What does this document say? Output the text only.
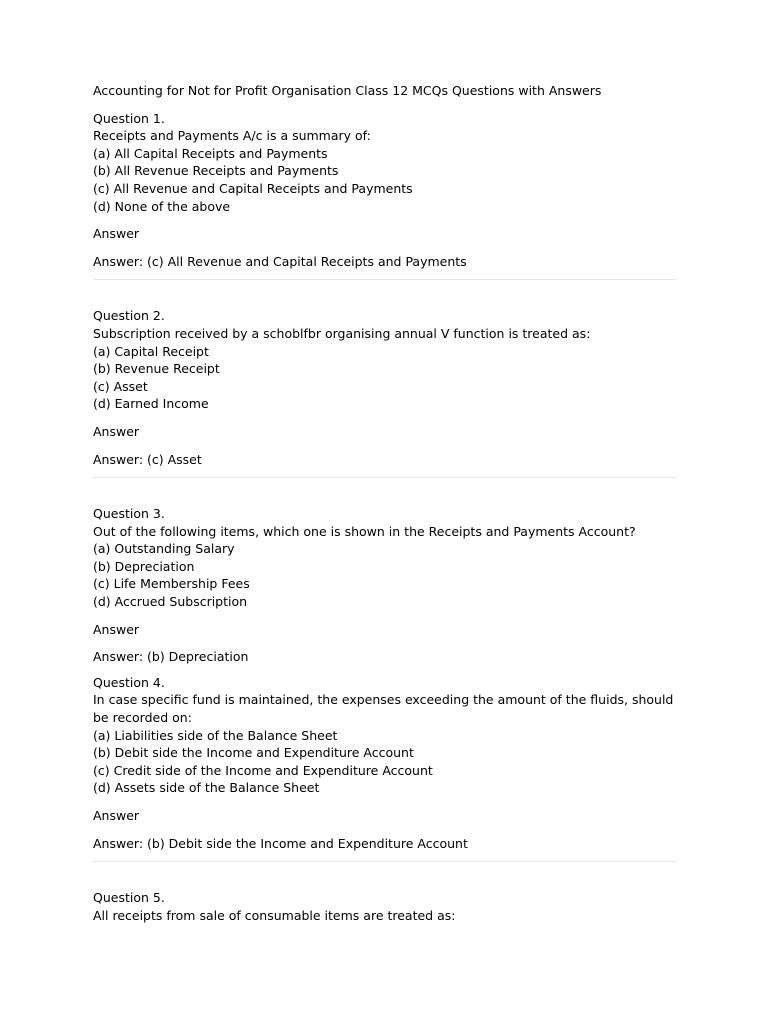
Accounting for Not for Profit Organisation Class 12 MCQs Questions with Answers
Question 1.
Receipts and Payments A/c is a summary of:
(a) All Capital Receipts and Payments
(b) All Revenue Receipts and Payments
(c) All Revenue and Capital Receipts and Payments
(d) None of the above
Answer
Answer: (c) All Revenue and Capital Receipts and Payments
Question 2.
Subscription received by a schoblfbr organising annual V function is treated as:
(a) Capital Receipt
(b) Revenue Receipt
(c) Asset
(d) Earned Income
Answer
Answer: (c) Asset
Question 3.
Out of the following items, which one is shown in the Receipts and Payments Account?
(a) Outstanding Salary
(b) Depreciation
(c) Life Membership Fees
(d) Accrued Subscription
Answer
Answer: (b) Depreciation
Question 4.
In case specific fund is maintained, the expenses exceeding the amount of the fluids, should be recorded on:
(a) Liabilities side of the Balance Sheet
(b) Debit side the Income and Expenditure Account
(c) Credit side of the Income and Expenditure Account
(d) Assets side of the Balance Sheet
Answer
Answer: (b) Debit side the Income and Expenditure Account
Question 5.
All receipts from sale of consumable items are treated as:
